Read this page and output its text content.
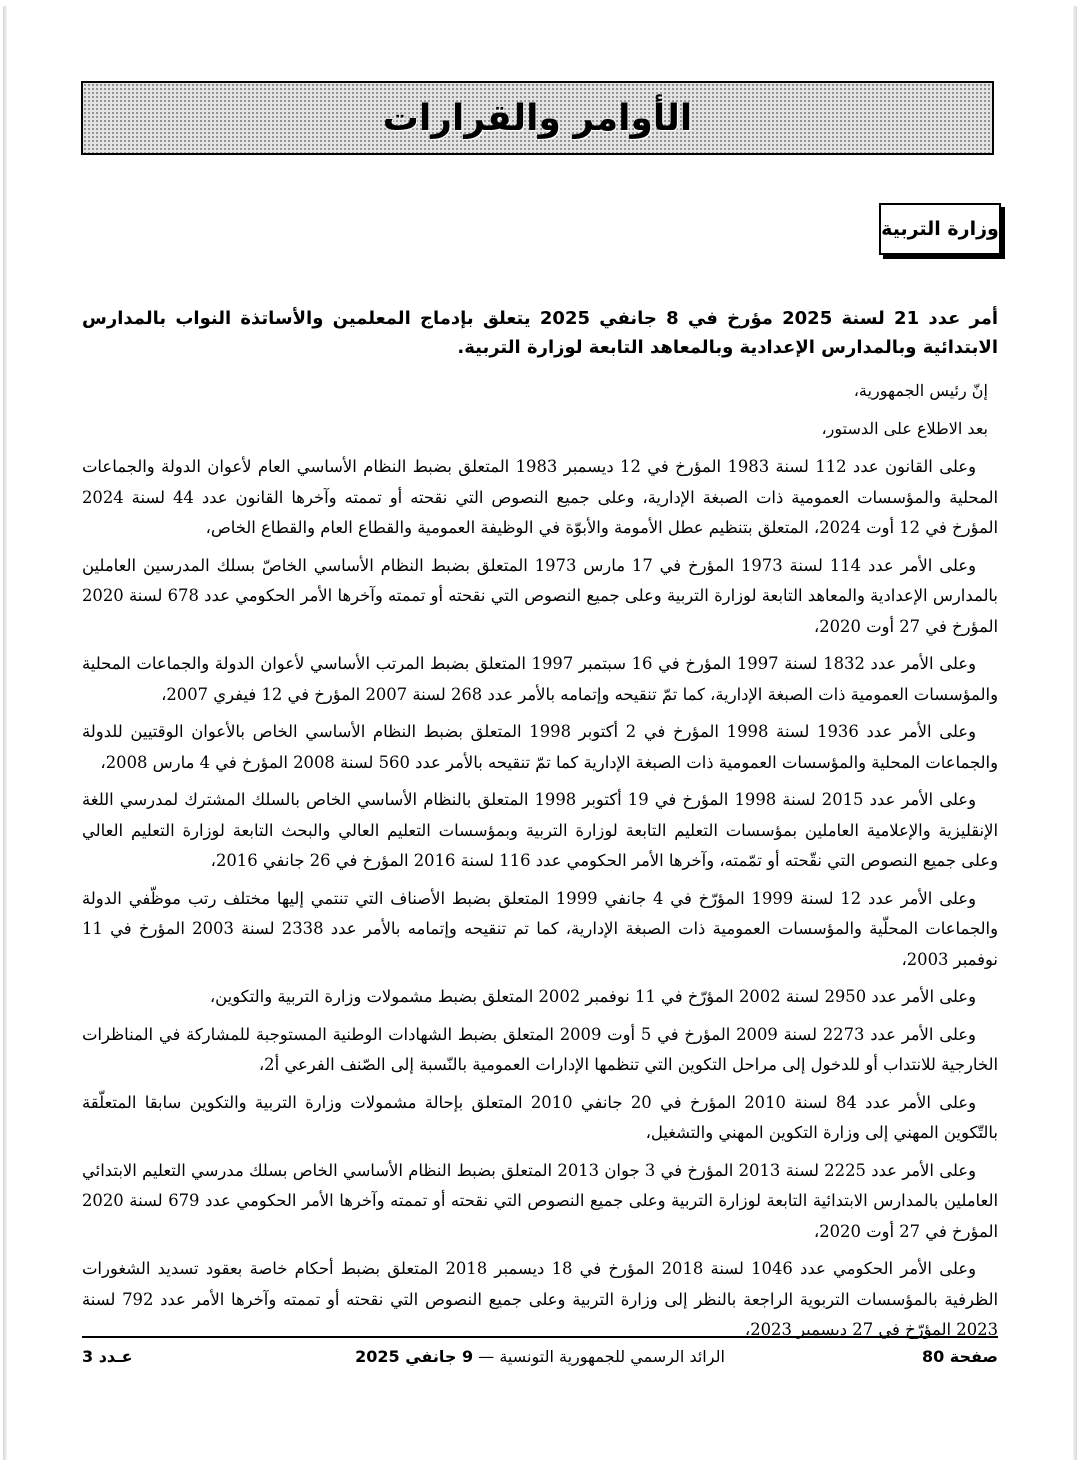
الأوامر والقرارات
وزارة التربية

أمر عدد 21 لسنة 2025 مؤرخ في 8 جانفي 2025 يتعلق بإدماج المعلمين والأساتذة النواب بالمدارس الابتدائية وبالمدارس الإعدادية وبالمعاهد التابعة لوزارة التربية.

إنّ رئيس الجمهورية،

بعد الاطلاع على الدستور،

وعلى القانون عدد 112 لسنة 1983 المؤرخ في 12 ديسمبر 1983 المتعلق بضبط النظام الأساسي العام لأعوان الدولة والجماعات المحلية والمؤسسات العمومية ذات الصبغة الإدارية، وعلى جميع النصوص التي نقحته أو تممته وآخرها القانون عدد 44 لسنة 2024 المؤرخ في 12 أوت 2024، المتعلق بتنظيم عطل الأمومة والأبوّة في الوظيفة العمومية والقطاع العام والقطاع الخاص،

وعلى الأمر عدد 114 لسنة 1973 المؤرخ في 17 مارس 1973 المتعلق بضبط النظام الأساسي الخاصّ بسلك المدرسين العاملين بالمدارس الإعدادية والمعاهد التابعة لوزارة التربية وعلى جميع النصوص التي نقحته أو تممته وآخرها الأمر الحكومي عدد 678 لسنة 2020 المؤرخ في 27 أوت 2020،

وعلى الأمر عدد 1832 لسنة 1997 المؤرخ في 16 سبتمبر 1997 المتعلق بضبط المرتب الأساسي لأعوان الدولة والجماعات المحلية والمؤسسات العمومية ذات الصبغة الإدارية، كما تمّ تنقيحه وإتمامه بالأمر عدد 268 لسنة 2007 المؤرخ في 12 فيفري 2007،

وعلى الأمر عدد 1936 لسنة 1998 المؤرخ في 2 أكتوبر 1998 المتعلق بضبط النظام الأساسي الخاص بالأعوان الوقتيين للدولة والجماعات المحلية والمؤسسات العمومية ذات الصبغة الإدارية كما تمّ تنقيحه بالأمر عدد 560 لسنة 2008 المؤرخ في 4 مارس 2008،

وعلى الأمر عدد 2015 لسنة 1998 المؤرخ في 19 أكتوبر 1998 المتعلق بالنظام الأساسي الخاص بالسلك المشترك لمدرسي اللغة الإنقليزية والإعلامية العاملين بمؤسسات التعليم التابعة لوزارة التربية وبمؤسسات التعليم العالي والبحث التابعة لوزارة التعليم العالي وعلى جميع النصوص التي نقّحته أو تمّمته، وآخرها الأمر الحكومي عدد 116 لسنة 2016 المؤرخ في 26 جانفي 2016،

وعلى الأمر عدد 12 لسنة 1999 المؤرّخ في 4 جانفي 1999 المتعلق بضبط الأصناف التي تنتمي إليها مختلف رتب موظّفي الدولة والجماعات المحلّية والمؤسسات العمومية ذات الصبغة الإدارية، كما تم تنقيحه وإتمامه بالأمر عدد 2338 لسنة 2003 المؤرخ في 11 نوفمبر 2003،

وعلى الأمر عدد 2950 لسنة 2002 المؤرّخ في 11 نوفمبر 2002 المتعلق بضبط مشمولات وزارة التربية والتكوين،

وعلى الأمر عدد 2273 لسنة 2009 المؤرخ في 5 أوت 2009 المتعلق بضبط الشهادات الوطنية المستوجبة للمشاركة في المناظرات الخارجية للانتداب أو للدخول إلى مراحل التكوين التي تنظمها الإدارات العمومية بالنّسبة إلى الصّنف الفرعي أ2،

وعلى الأمر عدد 84 لسنة 2010 المؤرخ في 20 جانفي 2010 المتعلق بإحالة مشمولات وزارة التربية والتكوين سابقا المتعلّقة بالتّكوين المهني إلى وزارة التكوين المهني والتشغيل،

وعلى الأمر عدد 2225 لسنة 2013 المؤرخ في 3 جوان 2013 المتعلق بضبط النظام الأساسي الخاص بسلك مدرسي التعليم الابتدائي العاملين بالمدارس الابتدائية التابعة لوزارة التربية وعلى جميع النصوص التي نقحته أو تممته وآخرها الأمر الحكومي عدد 679 لسنة 2020 المؤرخ في 27 أوت 2020،

وعلى الأمر الحكومي عدد 1046 لسنة 2018 المؤرخ في 18 ديسمبر 2018 المتعلق بضبط أحكام خاصة بعقود تسديد الشغورات الظرفية بالمؤسسات التربوية الراجعة بالنظر إلى وزارة التربية وعلى جميع النصوص التي نقحته أو تممته وآخرها الأمر عدد 792 لسنة 2023 المؤرّخ في 27 ديسمبر 2023،

صفحة 80
الرائد الرسمي للجمهورية التونسية — 9 جانفي 2025
عـدد 3
